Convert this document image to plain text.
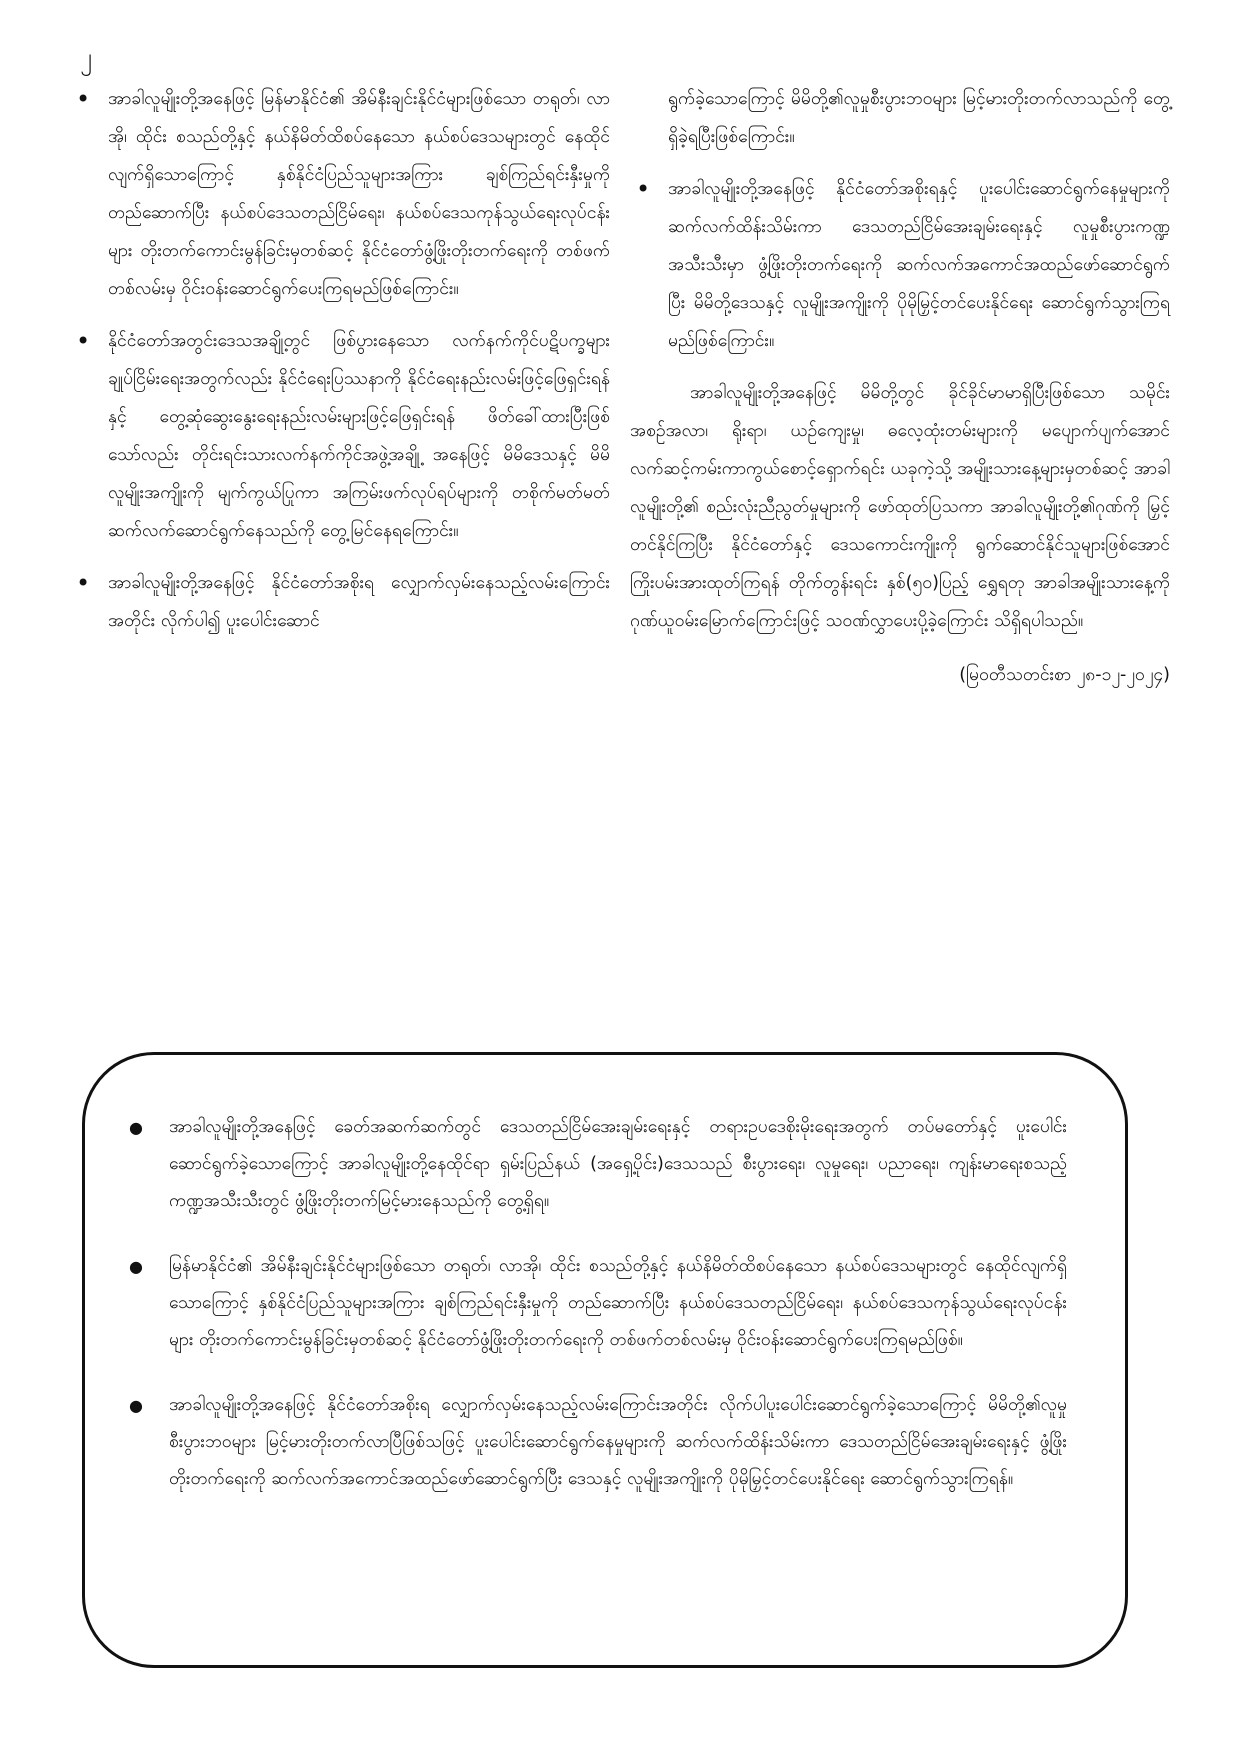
၂

• အာခါလူမျိုးတို့အနေဖြင့် မြန်မာနိုင်ငံ၏ အိမ်နီးချင်းနိုင်ငံများဖြစ်သော တရုတ်၊ လာအို၊ ထိုင်း စသည်တို့နှင့် နယ်နိမိတ်ထိစပ်နေသော နယ်စပ်ဒေသများတွင် နေထိုင်လျက်ရှိသောကြောင့် နှစ်နိုင်ငံပြည်သူများအကြား ချစ်ကြည်ရင်းနှီးမှုကိုတည်ဆောက်ပြီး နယ်စပ်ဒေသတည်ငြိမ်ရေး၊ နယ်စပ်ဒေသကုန်သွယ်ရေးလုပ်ငန်းများ တိုးတက်ကောင်းမွန်ခြင်းမှတစ်ဆင့် နိုင်ငံတော်ဖွံ့ဖြိုးတိုးတက်ရေးကို တစ်ဖက်တစ်လမ်းမှ ဝိုင်းဝန်းဆောင်ရွက်ပေးကြရမည်ဖြစ်ကြောင်း။

• နိုင်ငံတော်အတွင်းဒေသအချို့တွင် ဖြစ်ပွားနေသော လက်နက်ကိုင်ပဋိပက္ခများချုပ်ငြိမ်းရေးအတွက်လည်း နိုင်ငံရေးပြဿနာကို နိုင်ငံရေးနည်းလမ်းဖြင့်ဖြေရှင်းရန်နှင့် တွေ့ဆုံဆွေးနွေးရေးနည်းလမ်းများဖြင့်ဖြေရှင်းရန် ဖိတ်ခေါ်ထားပြီးဖြစ်သော်လည်း တိုင်းရင်းသားလက်နက်ကိုင်အဖွဲ့အချို့ အနေဖြင့် မိမိဒေသနှင့် မိမိလူမျိုးအကျိုးကို မျက်ကွယ်ပြုကာ အကြမ်းဖက်လုပ်ရပ်များကို တစိုက်မတ်မတ်ဆက်လက်ဆောင်ရွက်နေသည်ကို တွေ့မြင်နေရကြောင်း။

• အာခါလူမျိုးတို့အနေဖြင့် နိုင်ငံတော်အစိုးရ လျှောက်လှမ်းနေသည့်လမ်းကြောင်းအတိုင်း လိုက်ပါ၍ ပူးပေါင်းဆောင်

ရွက်ခဲ့သောကြောင့် မိမိတို့၏လူမှုစီးပွားဘဝများ မြင့်မားတိုးတက်လာသည်ကို တွေ့ရှိခဲ့ရပြီးဖြစ်ကြောင်း။

• အာခါလူမျိုးတို့အနေဖြင့် နိုင်ငံတော်အစိုးရနှင့် ပူးပေါင်းဆောင်ရွက်နေမှုများကို ဆက်လက်ထိန်းသိမ်းကာ ဒေသတည်ငြိမ်အေးချမ်းရေးနှင့် လူမှုစီးပွားကဏ္ဍအသီးသီးမှာ ဖွံ့ဖြိုးတိုးတက်ရေးကို ဆက်လက်အကောင်အထည်ဖော်ဆောင်ရွက်ပြီး မိမိတို့ဒေသနှင့် လူမျိုးအကျိုးကို ပိုမိုမြှင့်တင်ပေးနိုင်ရေး ဆောင်ရွက်သွားကြရမည်ဖြစ်ကြောင်း။

အာခါလူမျိုးတို့အနေဖြင့် မိမိတို့တွင် ခိုင်ခိုင်မာမာရှိပြီးဖြစ်သော သမိုင်းအစဉ်အလာ၊ ရိုးရာ၊ ယဉ်ကျေးမှု၊ ဓလေ့ထုံးတမ်းများကို မပျောက်ပျက်အောင် လက်ဆင့်ကမ်းကာကွယ်စောင့်ရှောက်ရင်း ယခုကဲ့သို့ အမျိုးသားနေ့များမှတစ်ဆင့် အာခါလူမျိုးတို့၏ စည်းလုံးညီညွတ်မှုများကို ဖော်ထုတ်ပြသကာ အာခါလူမျိုးတို့၏ဂုဏ်ကို မြှင့်တင်နိုင်ကြပြီး နိုင်ငံတော်နှင့် ဒေသကောင်းကျိုးကို ရွက်ဆောင်နိုင်သူများဖြစ်အောင် ကြိုးပမ်းအားထုတ်ကြရန် တိုက်တွန်းရင်း နှစ်(၅၀)ပြည့် ရွှေရတု အာခါအမျိုးသားနေ့ကို ဂုဏ်ယူဝမ်းမြောက်ကြောင်းဖြင့် သဝဏ်လွှာပေးပို့ခဲ့ကြောင်း သိရှိရပါသည်။

(မြဝတီသတင်းစာ ၂၈-၁၂-၂၀၂၄)

● အာခါလူမျိုးတို့အနေဖြင့် ခေတ်အဆက်ဆက်တွင် ဒေသတည်ငြိမ်အေးချမ်းရေးနှင့် တရားဥပဒေစိုးမိုးရေးအတွက် တပ်မတော်နှင့် ပူးပေါင်းဆောင်ရွက်ခဲ့သောကြောင့် အာခါလူမျိုးတို့နေထိုင်ရာ ရှမ်းပြည်နယ် (အရှေ့ပိုင်း)ဒေသသည် စီးပွားရေး၊ လူမှုရေး၊ ပညာရေး၊ ကျန်းမာရေးစသည့် ကဏ္ဍအသီးသီးတွင် ဖွံ့ဖြိုးတိုးတက်မြင့်မားနေသည်ကို တွေ့ရှိရ။

● မြန်မာနိုင်ငံ၏ အိမ်နီးချင်းနိုင်ငံများဖြစ်သော တရုတ်၊ လာအို၊ ထိုင်း စသည်တို့နှင့် နယ်နိမိတ်ထိစပ်နေသော နယ်စပ်ဒေသများတွင် နေထိုင်လျက်ရှိသောကြောင့် နှစ်နိုင်ငံပြည်သူများအကြား ချစ်ကြည်ရင်းနှီးမှုကို တည်ဆောက်ပြီး နယ်စပ်ဒေသတည်ငြိမ်ရေး၊ နယ်စပ်ဒေသကုန်သွယ်ရေးလုပ်ငန်းများ တိုးတက်ကောင်းမွန်ခြင်းမှတစ်ဆင့် နိုင်ငံတော်ဖွံ့ဖြိုးတိုးတက်ရေးကို တစ်ဖက်တစ်လမ်းမှ ဝိုင်းဝန်းဆောင်ရွက်ပေးကြရမည်ဖြစ်။

● အာခါလူမျိုးတို့အနေဖြင့် နိုင်ငံတော်အစိုးရ လျှောက်လှမ်းနေသည့်လမ်းကြောင်းအတိုင်း လိုက်ပါပူးပေါင်းဆောင်ရွက်ခဲ့သောကြောင့် မိမိတို့၏လူမှုစီးပွားဘဝများ မြင့်မားတိုးတက်လာပြီဖြစ်သဖြင့် ပူးပေါင်းဆောင်ရွက်နေမှုများကို ဆက်လက်ထိန်းသိမ်းကာ ဒေသတည်ငြိမ်အေးချမ်းရေးနှင့် ဖွံ့ဖြိုးတိုးတက်ရေးကို ဆက်လက်အကောင်အထည်ဖော်ဆောင်ရွက်ပြီး ဒေသနှင့် လူမျိုးအကျိုးကို ပိုမိုမြှင့်တင်ပေးနိုင်ရေး ဆောင်ရွက်သွားကြရန်။
